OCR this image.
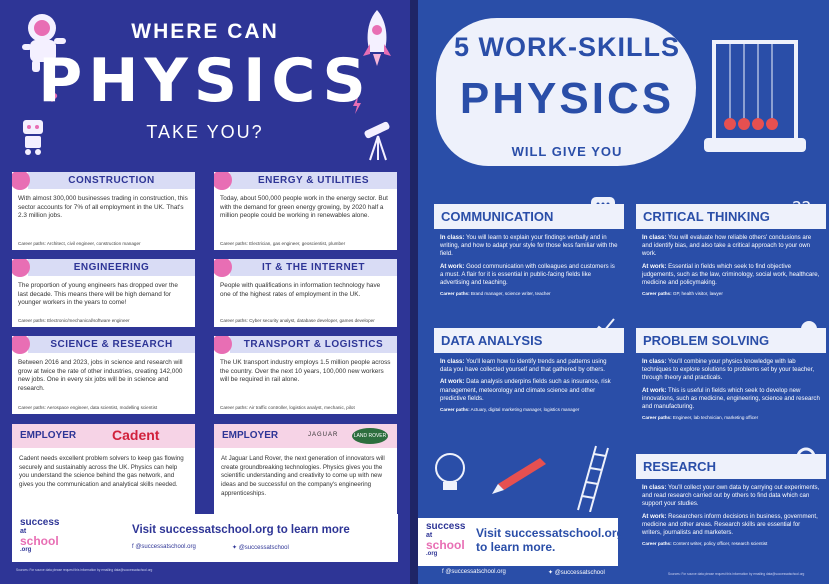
WHERE CAN
PHYSICS
TAKE YOU?
CONSTRUCTION
With almost 300,000 businesses trading in construction, this sector accounts for 7% of all employment in the UK. That's 2.3 million jobs.
Career paths: Architect, civil engineer, construction manager
ENERGY & UTILITIES
Today, about 500,000 people work in the energy sector. But with the demand for green energy growing, by 2020 half a million people could be working in renewables alone.
Career paths: Electrician, gas engineer, geoscientist, plumber
ENGINEERING
The proportion of young engineers has dropped over the last decade. This means there will be high demand for younger workers in the years to come!
Career paths: Electronic/mechanical/software engineer
IT & THE INTERNET
People with qualifications in information technology have one of the highest rates of employment in the UK.
Career paths: Cyber security analyst, database developer, games developer
SCIENCE & RESEARCH
Between 2016 and 2023, jobs in science and research will grow at twice the rate of other industries, creating 142,000 new jobs. One in every six jobs will be in science and research.
Career paths: Aerospace engineer, data scientist, modelling scientist
TRANSPORT & LOGISTICS
The UK transport industry employs 1.5 million people across the country. Over the next 10 years, 100,000 new workers will be required in rail alone.
Career paths: Air traffic controller, logistics analyst, mechanic, pilot
EMPLOYER	Cadent
Cadent needs excellent problem solvers to keep gas flowing securely and sustainably across the UK. Physics can help you understand the science behind the gas network, and gives you the communication and analytical skills needed.
EMPLOYER	JAGUAR	LAND ROVER
At Jaguar Land Rover, the next generation of innovators will create groundbreaking technologies. Physics gives you the scientific understanding and creativity to come up with new ideas and be successful on the company's engineering apprenticeships.
success
at
school
.org
Visit successatschool.org to learn more
f @successatschool.org	✦ @successatschool
Sources: For source data please request this information by emailing data@successatschool.org
5 WORK-SKILLS
PHYSICS
WILL GIVE YOU
COMMUNICATION

In class: You will learn to explain your findings verbally and in writing, and how to adapt your style for those less familiar with the field.

At work: Good communication with colleagues and customers is a must. A flair for it is essential in public-facing fields like advertising and teaching.

Career paths: Brand manager, science writer, teacher

CRITICAL THINKING

In class: You will evaluate how reliable others' conclusions are and identify bias, and also take a critical approach to your own work.

At work: Essential in fields which seek to find objective judgements, such as the law, criminology, social work, healthcare, medicine and policymaking.

Career paths: GP, health visitor, lawyer

DATA ANALYSIS

In class: You'll learn how to identify trends and patterns using data you have collected yourself and that gathered by others.

At work: Data analysis underpins fields such as insurance, risk management, meteorology and climate science and other predictive fields.

Career paths: Actuary, digital marketing manager, logistics manager

PROBLEM SOLVING

In class: You'll combine your physics knowledge with lab techniques to explore solutions to problems set by your teacher, through theory and practicals.

At work: This is useful in fields which seek to develop new innovations, such as medicine, engineering, science and research and manufacturing.

Career paths: Engineer, lab technician, marketing officer

RESEARCH

In class: You'll collect your own data by carrying out experiments, and read research carried out by others to find data which can support your studies.

At work: Researchers inform decisions in business, government, medicine and other areas. Research skills are essential for writers, journalists and marketers.

Career paths: Content writer, policy officer, research scientist

success
at
school
.org
Visit successatschool.org to learn more.
f @successatschool.org	✦ @successatschool	Sources: For source data please request this information by emailing data@successatschool.org
